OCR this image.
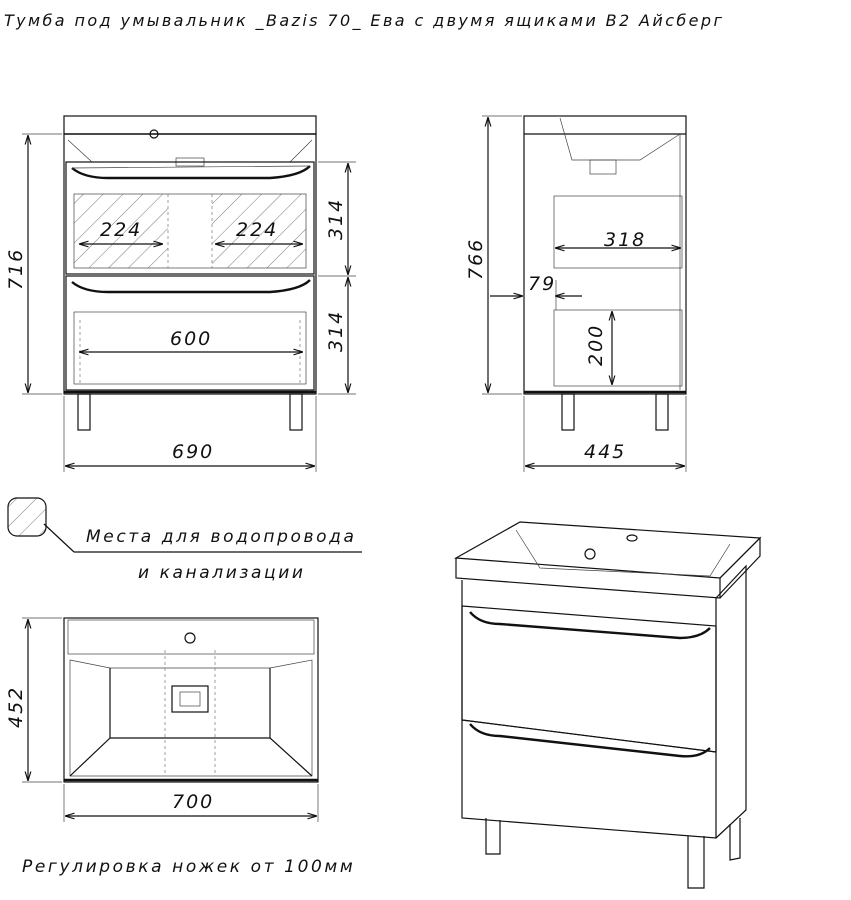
Тумба под умывальник _Bazis 70_ Ева с двумя ящиками В2 Айсберг
224	224
600
716
314
314
690
318
79
200
766
445
Места для водопровода
и канализации
452
700
Регулировка ножек от 100мм
